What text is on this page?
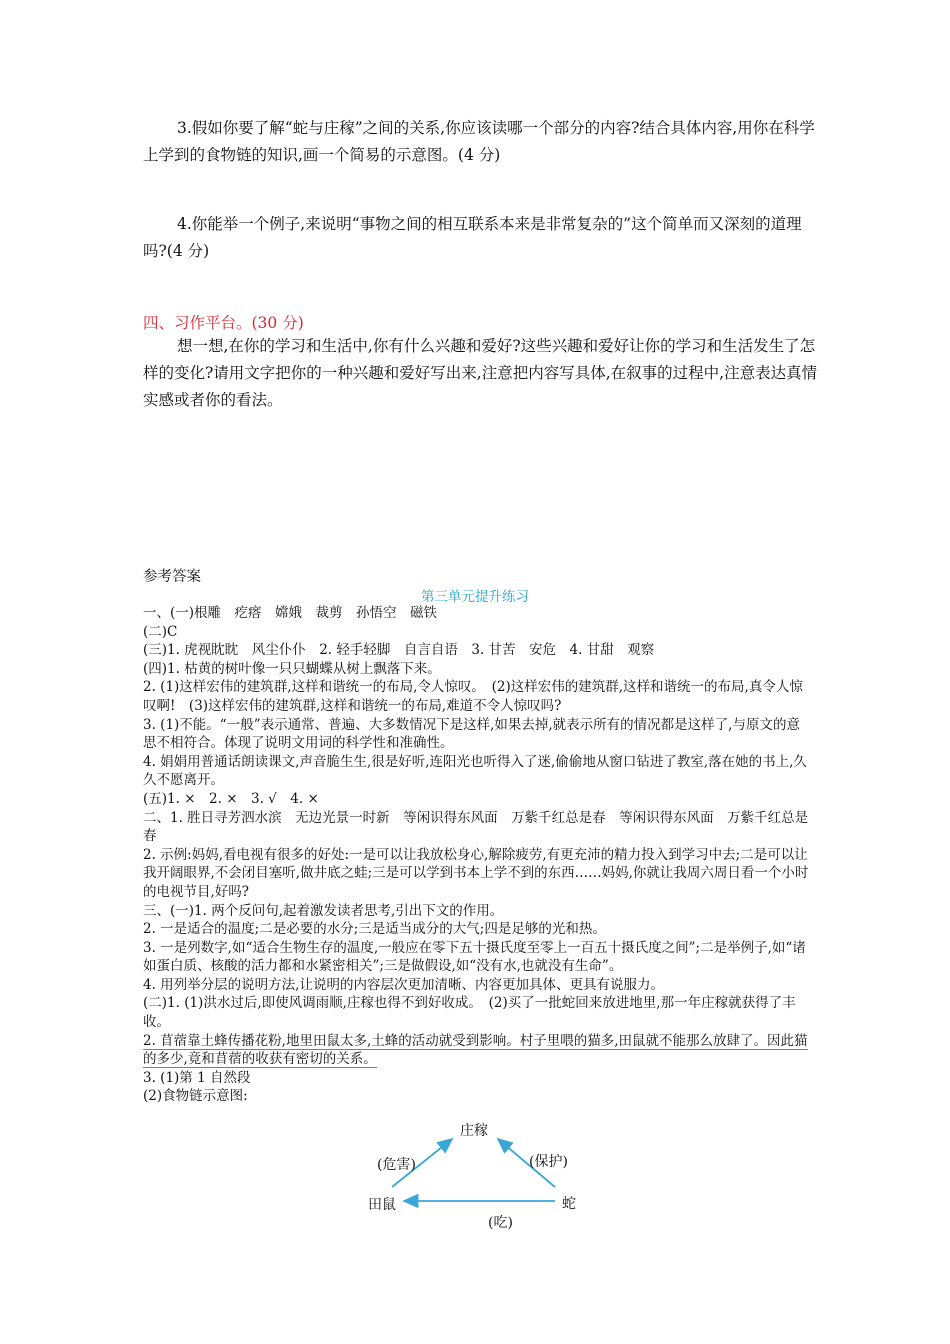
3.假如你要了解“蛇与庄稼”之间的关系,你应该读哪一个部分的内容?结合具体内容,用你在科学上学到的食物链的知识,画一个简易的示意图。(4 分)
4.你能举一个例子,来说明“事物之间的相互联系本来是非常复杂的”这个简单而又深刻的道理吗?(4 分)
四、习作平台。(30 分)
想一想,在你的学习和生活中,你有什么兴趣和爱好?这些兴趣和爱好让你的学习和生活发生了怎样的变化?请用文字把你的一种兴趣和爱好写出来,注意把内容写具体,在叙事的过程中,注意表达真情实感或者你的看法。
参考答案
第三单元提升练习

一、(一)根雕　疙瘩　嫦娥　裁剪　孙悟空　磁铁

(二)C

(三)1. 虎视眈眈　风尘仆仆　2. 轻手轻脚　自言自语　3. 甘苦　安危　4. 甘甜　观察

(四)1. 枯黄的树叶像一只只蝴蝶从树上飘落下来。

2. (1)这样宏伟的建筑群,这样和谐统一的布局,令人惊叹。　(2)这样宏伟的建筑群,这样和谐统一的布局,真令人惊叹啊!　(3)这样宏伟的建筑群,这样和谐统一的布局,难道不令人惊叹吗?

3. (1)不能。“一般”表示通常、普遍、大多数情况下是这样,如果去掉,就表示所有的情况都是这样了,与原文的意思不相符合。体现了说明文用词的科学性和准确性。

4. 娟娟用普通话朗读课文,声音脆生生,很是好听,连阳光也听得入了迷,偷偷地从窗口钻进了教室,落在她的书上,久久不愿离开。

(五)1. ×　2. ×　3. √　4. ×

二、1. 胜日寻芳泗水滨　无边光景一时新　等闲识得东风面　万紫千红总是春　等闲识得东风面　万紫千红总是春

2. 示例:妈妈,看电视有很多的好处:一是可以让我放松身心,解除疲劳,有更充沛的精力投入到学习中去;二是可以让我开阔眼界,不会闭目塞听,做井底之蛙;三是可以学到书本上学不到的东西……妈妈,你就让我周六周日看一个小时的电视节目,好吗?

三、(一)1. 两个反问句,起着激发读者思考,引出下文的作用。

2. 一是适合的温度;二是必要的水分;三是适当成分的大气;四是足够的光和热。

3. 一是列数字,如“适合生物生存的温度,一般应在零下五十摄氏度至零上一百五十摄氏度之间”;二是举例子,如“诸如蛋白质、核酸的活力都和水紧密相关”;三是做假设,如“没有水,也就没有生命”。

4. 用列举分层的说明方法,让说明的内容层次更加清晰、内容更加具体、更具有说服力。

(二)1. (1)洪水过后,即使风调雨顺,庄稼也得不到好收成。　(2)买了一批蛇回来放进地里,那一年庄稼就获得了丰收。

2. 苜蓿靠土蜂传播花粉,地里田鼠太多,土蜂的活动就受到影响。村子里喂的猫多,田鼠就不能那么放肆了。因此猫的多少,竟和苜蓿的收获有密切的关系。

3. (1)第 1 自然段

(2)食物链示意图:

庄稼
田鼠	蛇
(危害)	(保护)
(吃)
